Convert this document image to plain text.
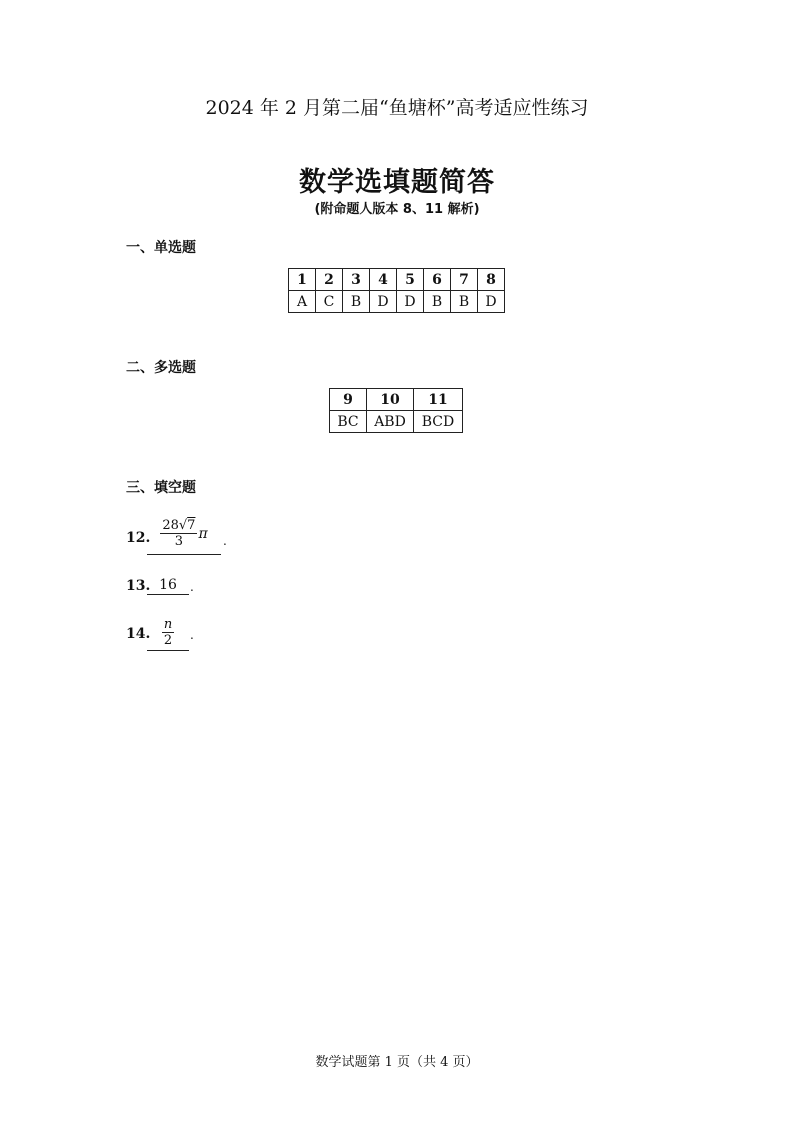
2024 年 2 月第二届“鱼塘杯”高考适应性练习
数学选填题简答
(附命题人版本 8、11 解析)
一、单选题
1	2	3	4	5	6	7	8
A	C	B	D	D	B	B	D
二、多选题
9	10	11
BC	ABD	BCD
三、填空题
12. $\frac{28√7}{3}$ π	.
13. 16	.
14. $\frac{n}{2}$ .
数学试题第 1 页（共 4 页）
